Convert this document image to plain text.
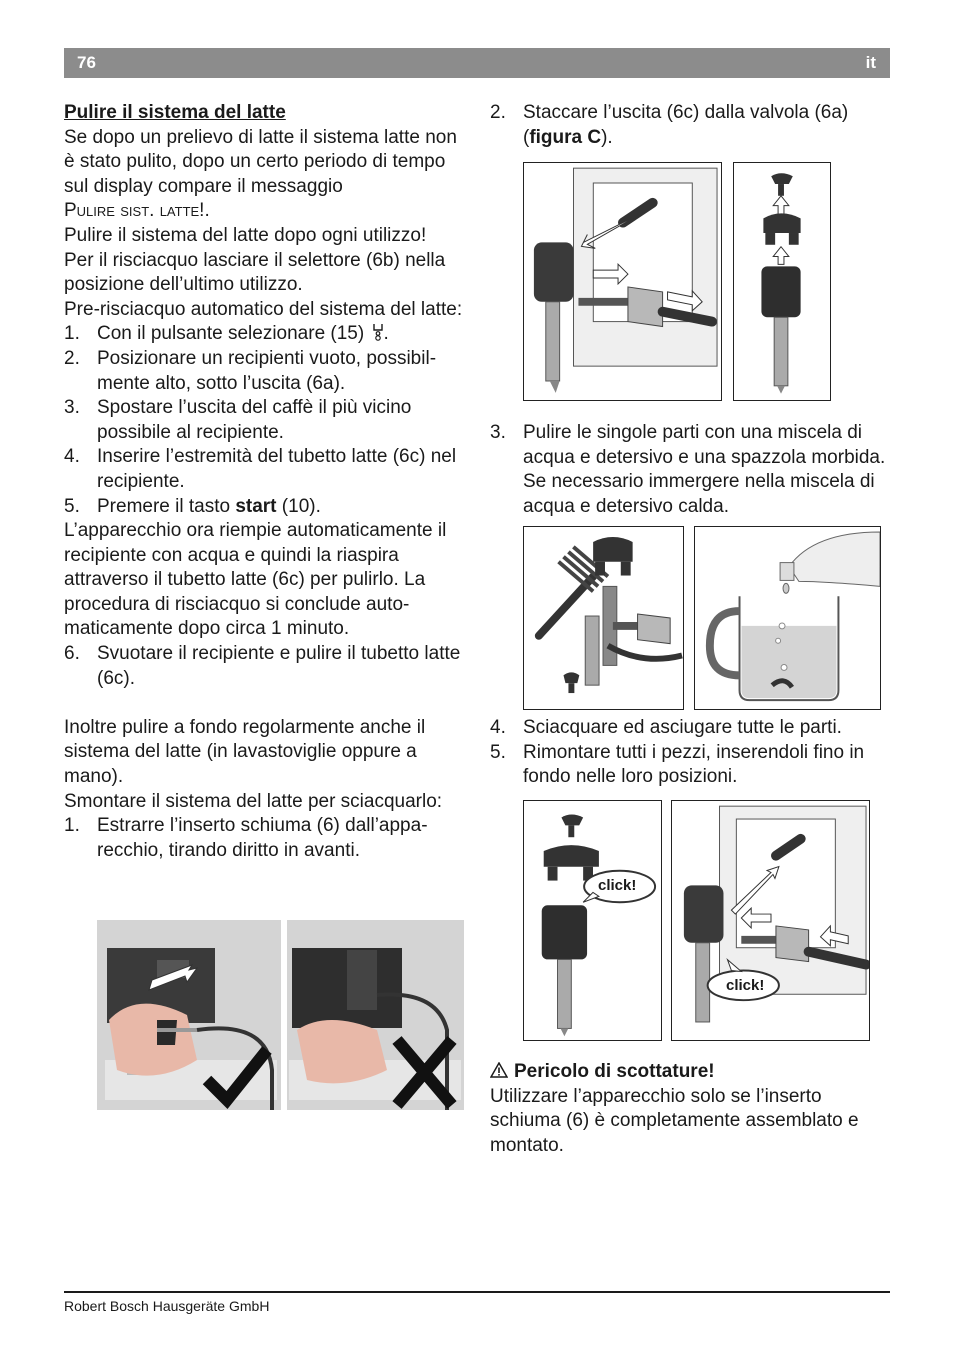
76	it

Pulire il sistema del latte

Se dopo un prelievo di latte il sistema latte non è stato pulito, dopo un certo periodo di tempo sul display compare il messaggio
Pulire sist. latte!.

Pulire il sistema del latte dopo ogni utilizzo!

Per il risciacquo lasciare il selettore (6b) nella posizione dell’ultimo utilizzo.

Pre-risciacquo automatico del sistema del latte:

1. Con il pulsante selezionare (15) .
2. Posizionare un recipienti vuoto, possibilmente alto, sotto l’uscita (6a).
3. Spostare l’uscita del caffè il più vicino possibile al recipiente.
4. Inserire l’estremità del tubetto latte (6c) nel recipiente.
5. Premere il tasto start (10).

L’apparecchio ora riempie automaticamente il recipiente con acqua e quindi la riaspira attraverso il tubetto latte (6c) per pulirlo. La procedura di risciacquo si conclude automaticamente dopo circa 1 minuto.

6. Svuotare il recipiente e pulire il tubetto latte (6c).

Inoltre pulire a fondo regolarmente anche il sistema del latte (in lavastoviglie oppure a mano).

Smontare il sistema del latte per sciacquarlo:

1. Estrarre l’inserto schiuma (6) dall’apparecchio, tirando diritto in avanti.
2. Staccare l’uscita (6c) dalla valvola (6a) (figura C).
3. Pulire le singole parti con una miscela di acqua e detersivo e una spazzola morbida. Se necessario immergere nella miscela di acqua e detersivo calda.
4. Sciacquare ed asciugare tutte le parti.
5. Rimontare tutti i pezzi, inserendoli fino in fondo nelle loro posizioni.
click!
click!

Pericolo di scottature!

Utilizzare l’apparecchio solo se l’inserto schiuma (6) è completamente assemblato e montato.

Robert Bosch Hausgeräte GmbH
